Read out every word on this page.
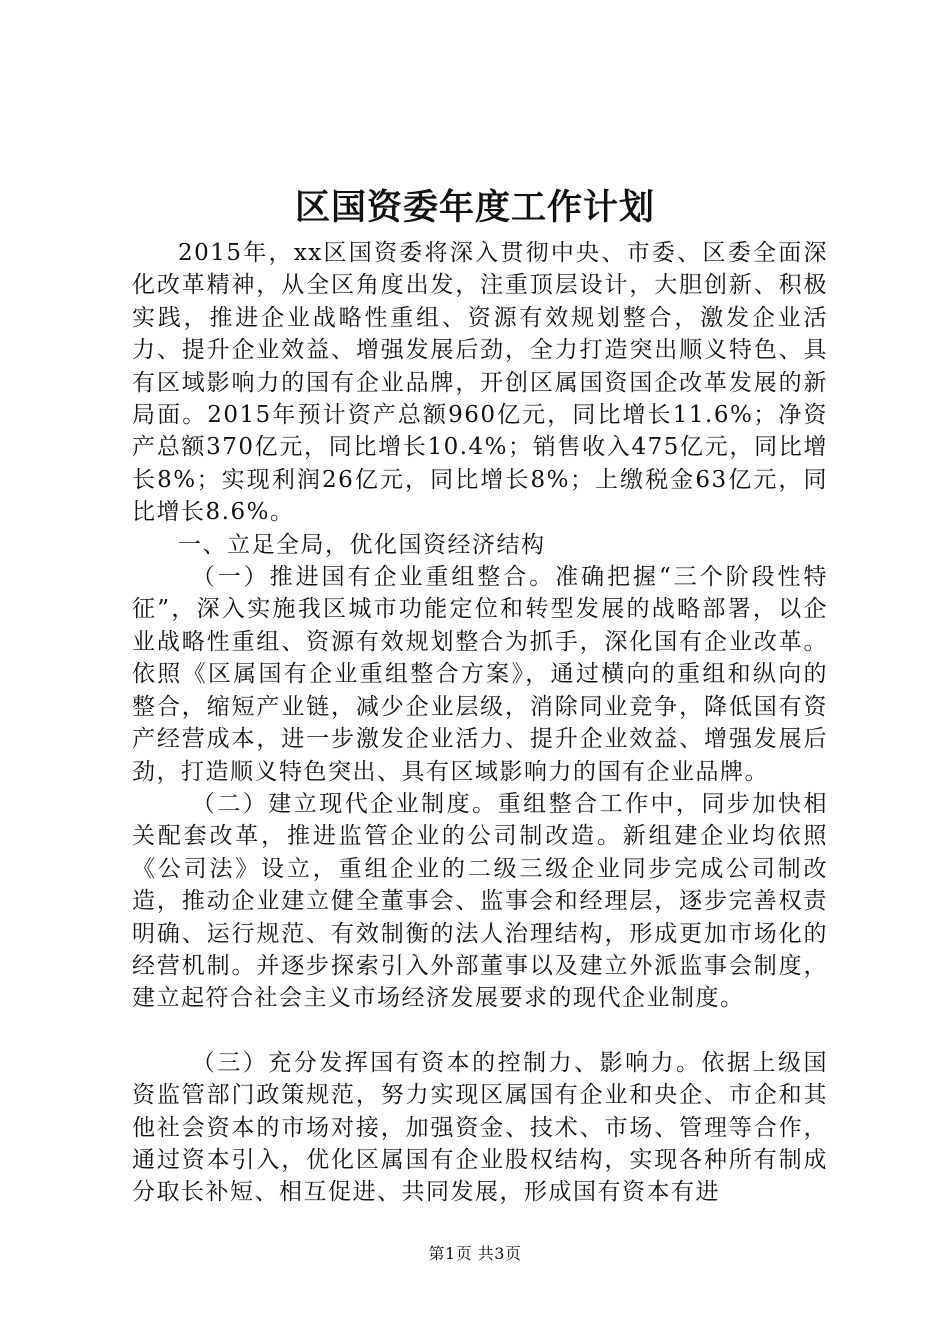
区国资委年度工作计划

2015年，xx区国资委将深入贯彻中央、市委、区委全面深化改革精神，从全区角度出发，注重顶层设计，大胆创新、积极实践，推进企业战略性重组、资源有效规划整合，激发企业活力、提升企业效益、增强发展后劲，全力打造突出顺义特色、具有区域影响力的国有企业品牌，开创区属国资国企改革发展的新局面。2015年预计资产总额960亿元，同比增长11.6%；净资产总额370亿元，同比增长10.4%；销售收入475亿元，同比增长8%；实现利润26亿元，同比增长8%；上缴税金63亿元，同比增长8.6%。

一、立足全局，优化国资经济结构

（一）推进国有企业重组整合。准确把握“三个阶段性特征”，深入实施我区城市功能定位和转型发展的战略部署，以企业战略性重组、资源有效规划整合为抓手，深化国有企业改革。依照《区属国有企业重组整合方案》，通过横向的重组和纵向的整合，缩短产业链，减少企业层级，消除同业竞争，降低国有资产经营成本，进一步激发企业活力、提升企业效益、增强发展后劲，打造顺义特色突出、具有区域影响力的国有企业品牌。

（二）建立现代企业制度。重组整合工作中，同步加快相关配套改革，推进监管企业的公司制改造。新组建企业均依照《公司法》设立，重组企业的二级三级企业同步完成公司制改造，推动企业建立健全董事会、监事会和经理层，逐步完善权责明确、运行规范、有效制衡的法人治理结构，形成更加市场化的经营机制。并逐步探索引入外部董事以及建立外派监事会制度，建立起符合社会主义市场经济发展要求的现代企业制度。

（三）充分发挥国有资本的控制力、影响力。依据上级国资监管部门政策规范，努力实现区属国有企业和央企、市企和其他社会资本的市场对接，加强资金、技术、市场、管理等合作，通过资本引入，优化区属国有企业股权结构，实现各种所有制成分取长补短、相互促进、共同发展，形成国有资本有进

第1页 共3页
